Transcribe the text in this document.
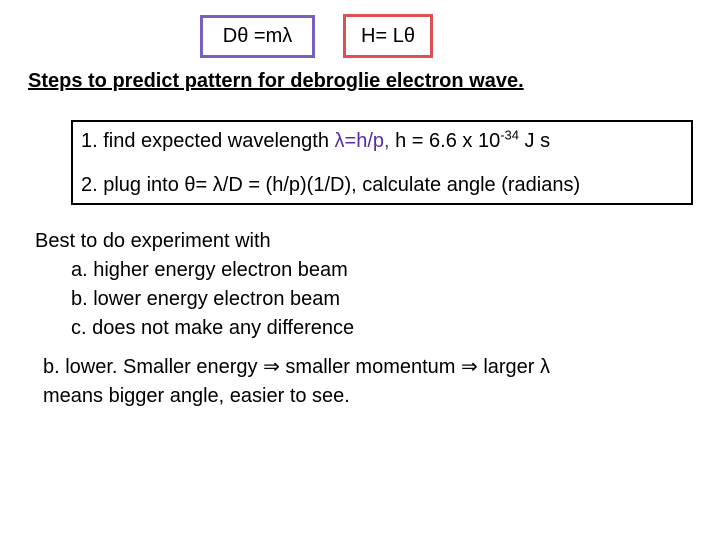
Dθ =mλ	H= Lθ
Steps to predict pattern for debroglie electron wave.
1. find expected wavelength λ=h/p, h = 6.6 x $10^{-34}$ J s
2. plug into θ= λ/D = (h/p)(1/D), calculate angle (radians)
Best to do experiment with
a. higher energy electron beam
b. lower energy electron beam
c. does not make any difference
b. lower. Smaller energy ⇒ smaller momentum ⇒ larger λ
means bigger angle, easier to see.
